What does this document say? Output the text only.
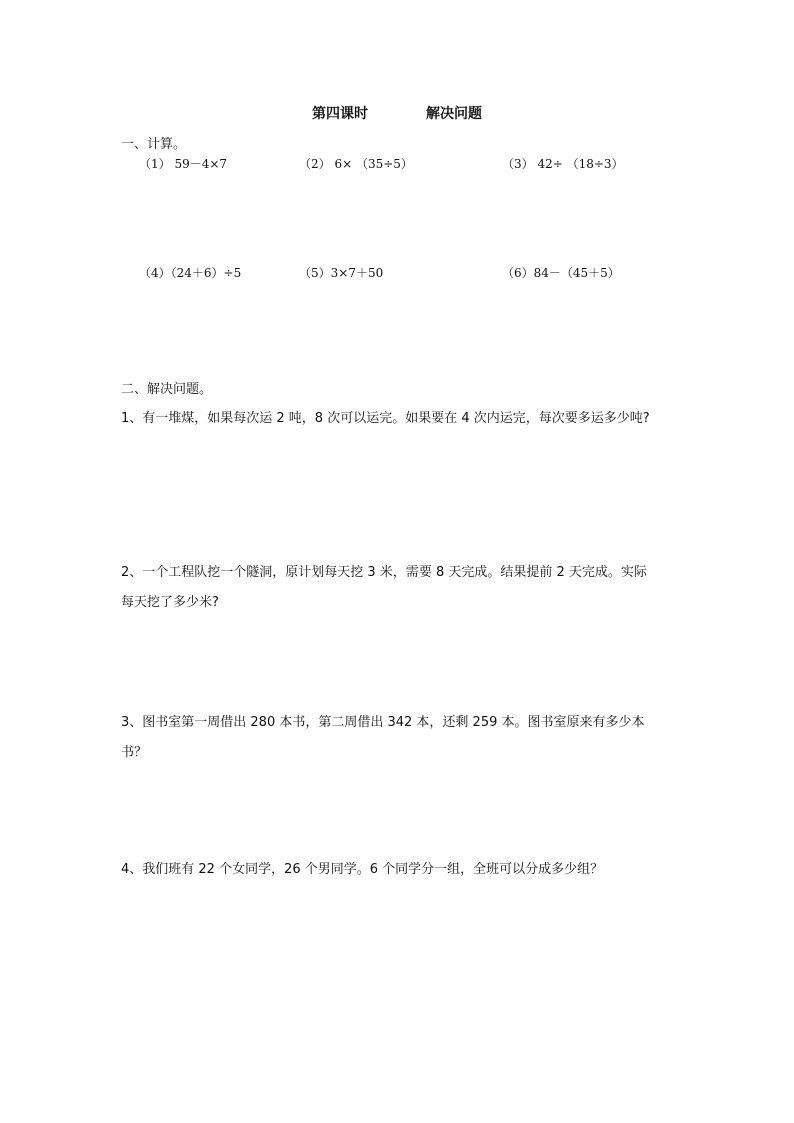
第四课时	解决问题
一、计算。
（1） 59－4×7	（2） 6× （35÷5）	（3） 42÷ （18÷3）
（4）（24＋6）÷5	（5）3×7＋50	（6）84－（45＋5）
二、解决问题。
1、有一堆煤，如果每次运 2 吨，8 次可以运完。如果要在 4 次内运完，每次要多运多少吨?
2、一个工程队挖一个隧洞，原计划每天挖 3 米，需要 8 天完成。结果提前 2 天完成。实际
每天挖了多少米?
3、图书室第一周借出 280 本书，第二周借出 342 本，还剩 259 本。图书室原来有多少本
书？
4、我们班有 22 个女同学，26 个男同学。6 个同学分一组，全班可以分成多少组？
